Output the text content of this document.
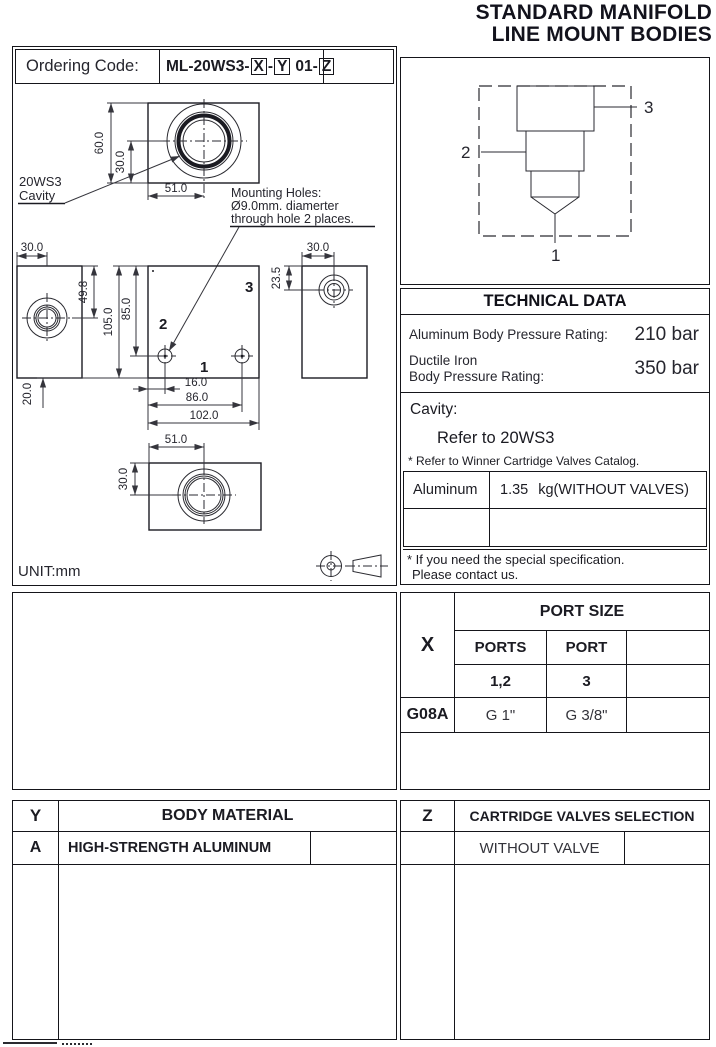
STANDARD MANIFOLD
LINE MOUNT BODIES
Ordering Code:	ML-20WS3- X - Y 01- Z
60.0
30.0
51.0
20WS3
Cavity	Mounting Holes:
Ø9.0mm. diamerter
through hole 2 places.
30.0
49.8
2
3
1
105.0 85.0
20.0	16.0
86.0
102.0
30.0
23.5
51.0
30.0
UNIT:mm
3
2
1
TECHNICAL DATA
Aluminum Body Pressure Rating: 210 bar
Ductile Iron
Body Pressure Rating:	350 bar
Cavity:
Refer to 20WS3
* Refer to Winner Cartridge Valves Catalog.
Aluminum	1.35 kg(WITHOUT VALVES)
* If you need the special specification.
Please contact us.
X
PORT SIZE
PORTS	PORT
1,2	3
G08A	G 1"	G 3/8"
Y	BODY MATERIAL
A	HIGH-STRENGTH ALUMINUM
Z	CARTRIDGE VALVES SELECTION
WITHOUT VALVE
